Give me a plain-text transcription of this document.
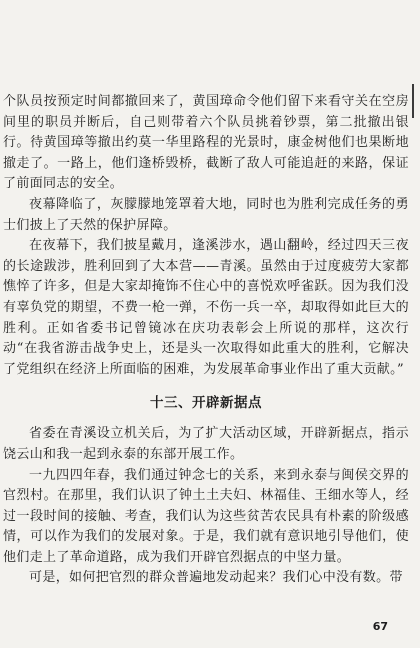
个队员按预定时间都撤回来了，黄国璋命令他们留下来看守关在空房间里的职员并断后，自己则带着六个队员挑着钞票，第二批撤出银行。待黄国璋等撤出约莫一华里路程的光景时，康金树他们也果断地撤走了。一路上，他们逢桥毁桥，截断了敌人可能追赶的来路，保证了前面同志的安全。

夜幕降临了，灰朦朦地笼罩着大地，同时也为胜利完成任务的勇士们披上了天然的保护屏障。

在夜幕下，我们披星戴月，逢溪涉水，遇山翻岭，经过四天三夜的长途跋涉，胜利回到了大本营——青溪。虽然由于过度疲劳大家都憔悴了许多，但是大家却掩饰不住心中的喜悦欢呼雀跃。因为我们没有辜负党的期望，不费一枪一弹，不伤一兵一卒，却取得如此巨大的胜利。正如省委书记曾镜冰在庆功表彰会上所说的那样，这次行动“在我省游击战争史上，还是头一次取得如此重大的胜利，它解决了党组织在经济上所面临的困难，为发展革命事业作出了重大贡献。”

十三、开辟新据点

省委在青溪设立机关后，为了扩大活动区域，开辟新据点，指示饶云山和我一起到永泰的东部开展工作。

一九四四年春，我们通过钟念七的关系，来到永泰与闽侯交界的官烈村。在那里，我们认识了钟土土夫妇、林福佳、王细水等人，经过一段时间的接触、考查，我们认为这些贫苦农民具有朴素的阶级感情，可以作为我们的发展对象。于是，我们就有意识地引导他们，使他们走上了革命道路，成为我们开辟官烈据点的中坚力量。

可是，如何把官烈的群众普遍地发动起来？我们心中没有数。带

67
